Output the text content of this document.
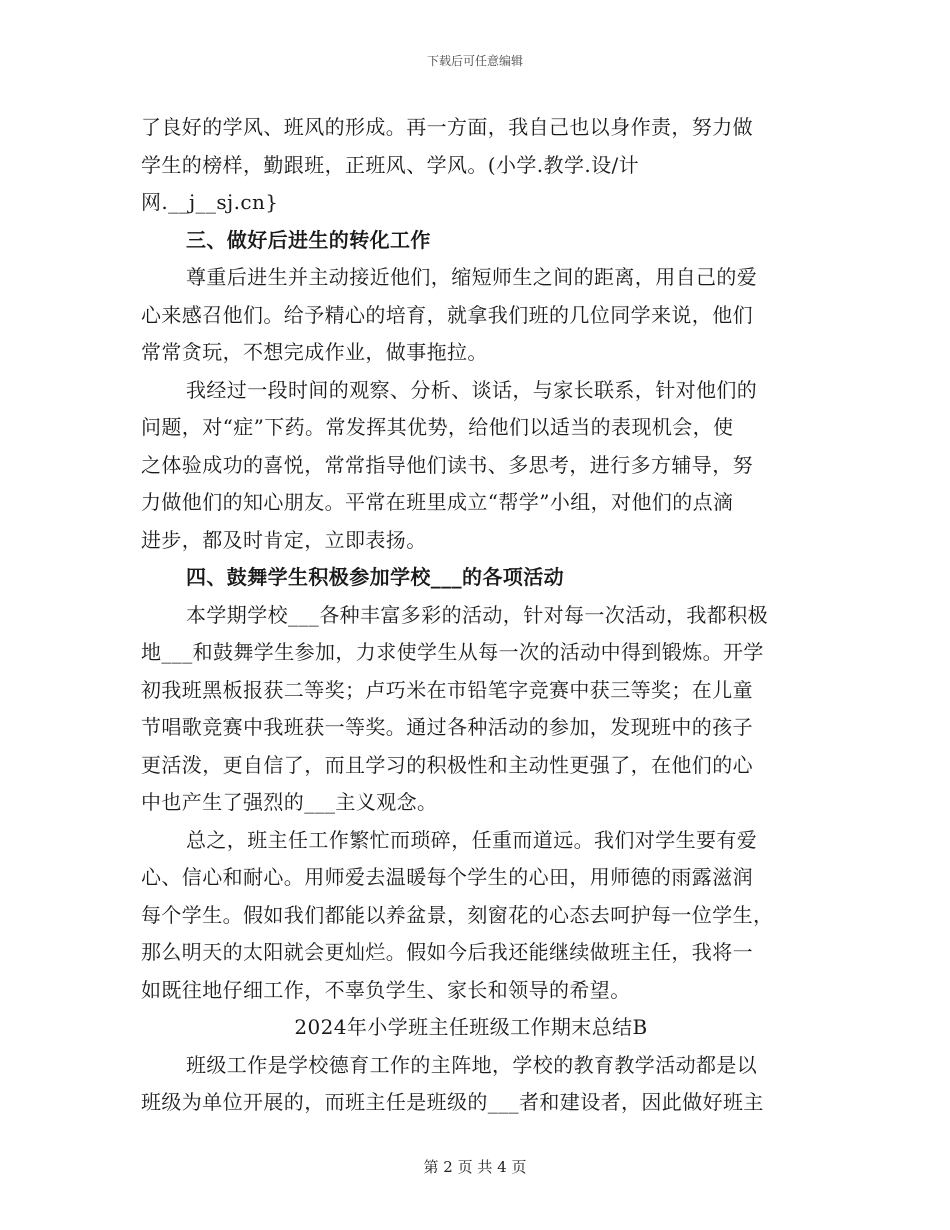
下载后可任意编辑
了良好的学风、班风的形成。再一方面，我自己也以身作责，努力做
学生的榜样，勤跟班，正班风、学风。(小学.教学.设/计
网.__j__sj.cn}
三、做好后进生的转化工作
尊重后进生并主动接近他们，缩短师生之间的距离，用自己的爱
心来感召他们。给予精心的培育，就拿我们班的几位同学来说，他们
常常贪玩，不想完成作业，做事拖拉。
我经过一段时间的观察、分析、谈话，与家长联系，针对他们的
问题，对“症”下药。常发挥其优势，给他们以适当的表现机会，使
之体验成功的喜悦，常常指导他们读书、多思考，进行多方辅导，努
力做他们的知心朋友。平常在班里成立“帮学”小组，对他们的点滴
进步，都及时肯定，立即表扬。
四、鼓舞学生积极参加学校___的各项活动
本学期学校___各种丰富多彩的活动，针对每一次活动，我都积极
地___和鼓舞学生参加，力求使学生从每一次的活动中得到锻炼。开学
初我班黑板报获二等奖；卢巧米在市铅笔字竞赛中获三等奖；在儿童
节唱歌竞赛中我班获一等奖。通过各种活动的参加，发现班中的孩子
更活泼，更自信了，而且学习的积极性和主动性更强了，在他们的心
中也产生了强烈的___主义观念。
总之，班主任工作繁忙而琐碎，任重而道远。我们对学生要有爱
心、信心和耐心。用师爱去温暖每个学生的心田，用师德的雨露滋润
每个学生。假如我们都能以养盆景，刻窗花的心态去呵护每一位学生，
那么明天的太阳就会更灿烂。假如今后我还能继续做班主任，我将一
如既往地仔细工作，不辜负学生、家长和领导的希望。
2024年小学班主任班级工作期末总结B
班级工作是学校德育工作的主阵地，学校的教育教学活动都是以
班级为单位开展的，而班主任是班级的___者和建设者，因此做好班主
第 2 页 共 4 页
